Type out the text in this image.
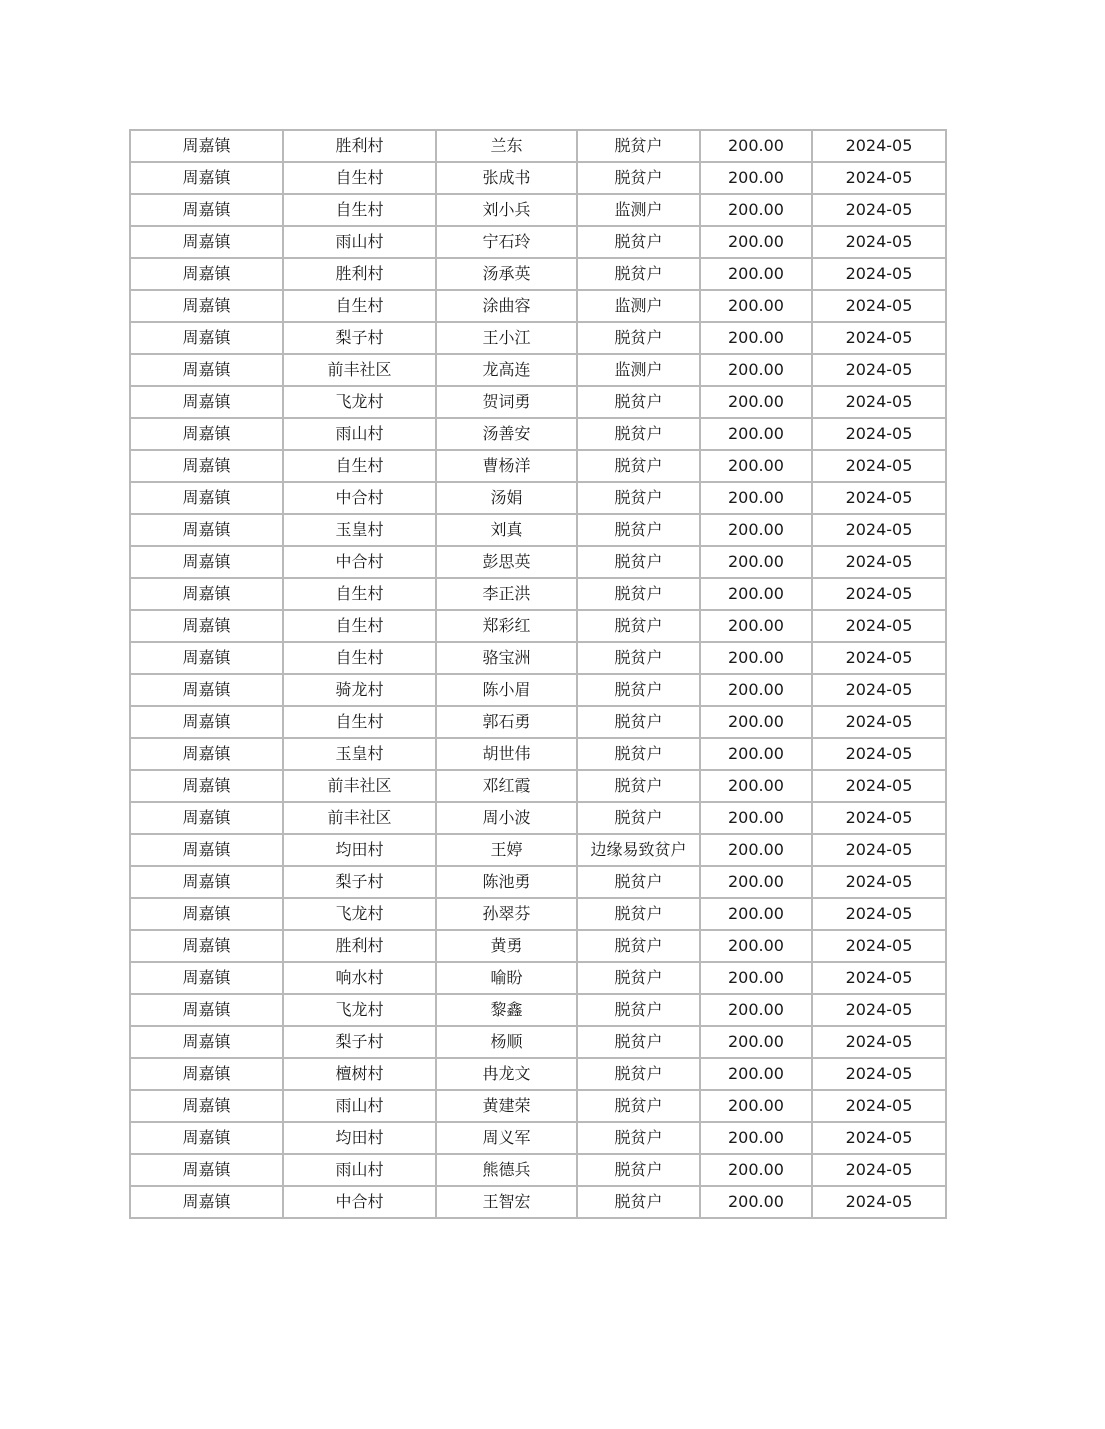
周嘉镇	胜利村	兰东	脱贫户	200.00	2024-05
周嘉镇	自生村	张成书	脱贫户	200.00	2024-05
周嘉镇	自生村	刘小兵	监测户	200.00	2024-05
周嘉镇	雨山村	宁石玲	脱贫户	200.00	2024-05
周嘉镇	胜利村	汤承英	脱贫户	200.00	2024-05
周嘉镇	自生村	涂曲容	监测户	200.00	2024-05
周嘉镇	梨子村	王小江	脱贫户	200.00	2024-05
周嘉镇	前丰社区	龙高连	监测户	200.00	2024-05
周嘉镇	飞龙村	贺词勇	脱贫户	200.00	2024-05
周嘉镇	雨山村	汤善安	脱贫户	200.00	2024-05
周嘉镇	自生村	曹杨洋	脱贫户	200.00	2024-05
周嘉镇	中合村	汤娟	脱贫户	200.00	2024-05
周嘉镇	玉皇村	刘真	脱贫户	200.00	2024-05
周嘉镇	中合村	彭思英	脱贫户	200.00	2024-05
周嘉镇	自生村	李正洪	脱贫户	200.00	2024-05
周嘉镇	自生村	郑彩红	脱贫户	200.00	2024-05
周嘉镇	自生村	骆宝洲	脱贫户	200.00	2024-05
周嘉镇	骑龙村	陈小眉	脱贫户	200.00	2024-05
周嘉镇	自生村	郭石勇	脱贫户	200.00	2024-05
周嘉镇	玉皇村	胡世伟	脱贫户	200.00	2024-05
周嘉镇	前丰社区	邓红霞	脱贫户	200.00	2024-05
周嘉镇	前丰社区	周小波	脱贫户	200.00	2024-05
周嘉镇	均田村	王婷	边缘易致贫户	200.00	2024-05
周嘉镇	梨子村	陈池勇	脱贫户	200.00	2024-05
周嘉镇	飞龙村	孙翠芬	脱贫户	200.00	2024-05
周嘉镇	胜利村	黄勇	脱贫户	200.00	2024-05
周嘉镇	响水村	喻盼	脱贫户	200.00	2024-05
周嘉镇	飞龙村	黎鑫	脱贫户	200.00	2024-05
周嘉镇	梨子村	杨顺	脱贫户	200.00	2024-05
周嘉镇	檀树村	冉龙文	脱贫户	200.00	2024-05
周嘉镇	雨山村	黄建荣	脱贫户	200.00	2024-05
周嘉镇	均田村	周义军	脱贫户	200.00	2024-05
周嘉镇	雨山村	熊德兵	脱贫户	200.00	2024-05
周嘉镇	中合村	王智宏	脱贫户	200.00	2024-05
